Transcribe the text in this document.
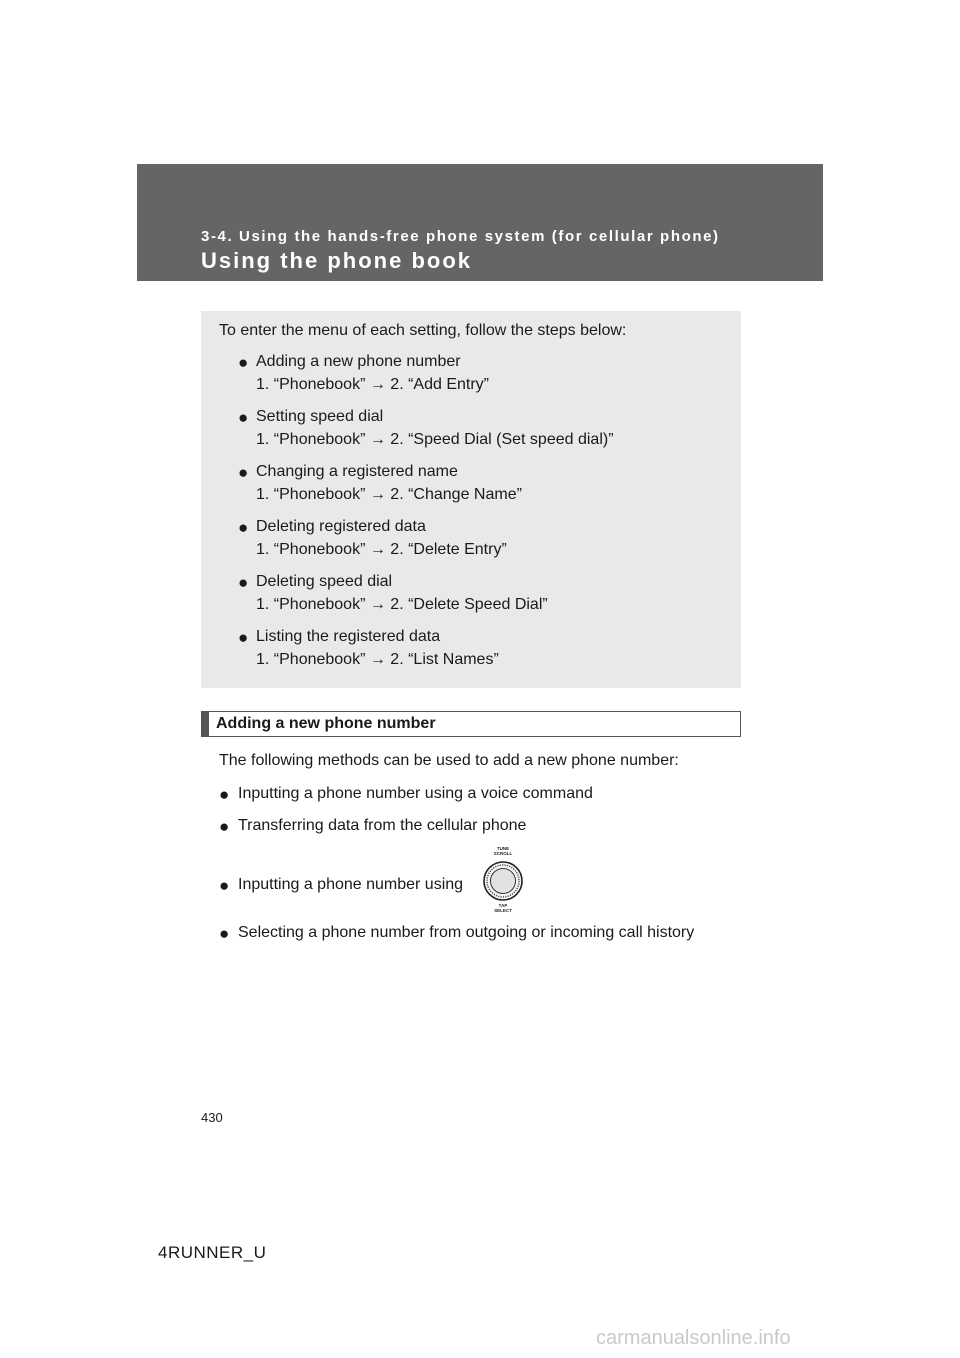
3-4. Using the hands-free phone system (for cellular phone)
Using the phone book
To enter the menu of each setting, follow the steps below:
● Adding a new phone number
1. “Phonebook” → 2. “Add Entry”
● Setting speed dial
1. “Phonebook” → 2. “Speed Dial (Set speed dial)”
● Changing a registered name
1. “Phonebook” → 2. “Change Name”
● Deleting registered data
1. “Phonebook” → 2. “Delete Entry”
● Deleting speed dial
1. “Phonebook” → 2. “Delete Speed Dial”
● Listing the registered data
1. “Phonebook” → 2. “List Names”
Adding a new phone number
The following methods can be used to add a new phone number:
● Inputting a phone number using a voice command
● Transferring data from the cellular phone
● Inputting a phone number using
TUNE
SCROLL
TAP
SELECT
● Selecting a phone number from outgoing or incoming call history
430
4RUNNER_U
carmanualsonline.info
